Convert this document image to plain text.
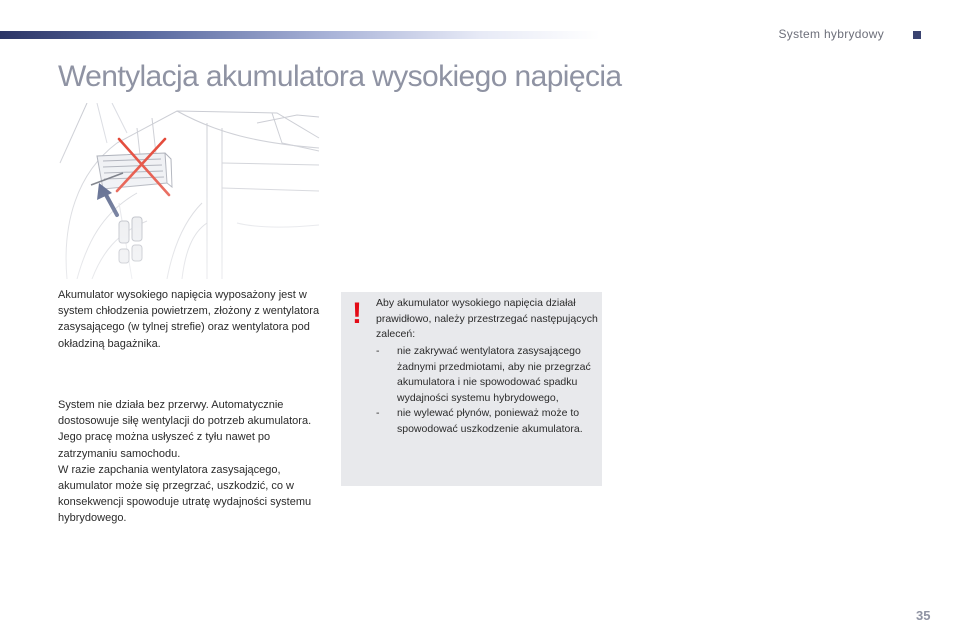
System hybrydowy
Wentylacja akumulatora wysokiego napięcia

Akumulator wysokiego napięcia wyposażony jest w system chłodzenia powietrzem, złożony z wentylatora zasysającego (w tylnej strefie) oraz wentylatora pod okładziną bagażnika.

System nie działa bez przerwy. Automatycznie dostosowuje siłę wentylacji do potrzeb akumulatora.

Jego pracę można usłyszeć z tyłu nawet po zatrzymaniu samochodu.

W razie zapchania wentylatora zasysającego, akumulator może się przegrzać, uszkodzić, co w konsekwencji spowoduje utratę wydajności systemu hybrydowego.

! Aby akumulator wysokiego napięcia działał prawidłowo, należy przestrzegać następujących zaleceń:
- nie zakrywać wentylatora zasysającego żadnymi przedmiotami, aby nie przegrzać akumulatora i nie spowodować spadku wydajności systemu hybrydowego,
- nie wylewać płynów, ponieważ może to spowodować uszkodzenie akumulatora.
35
